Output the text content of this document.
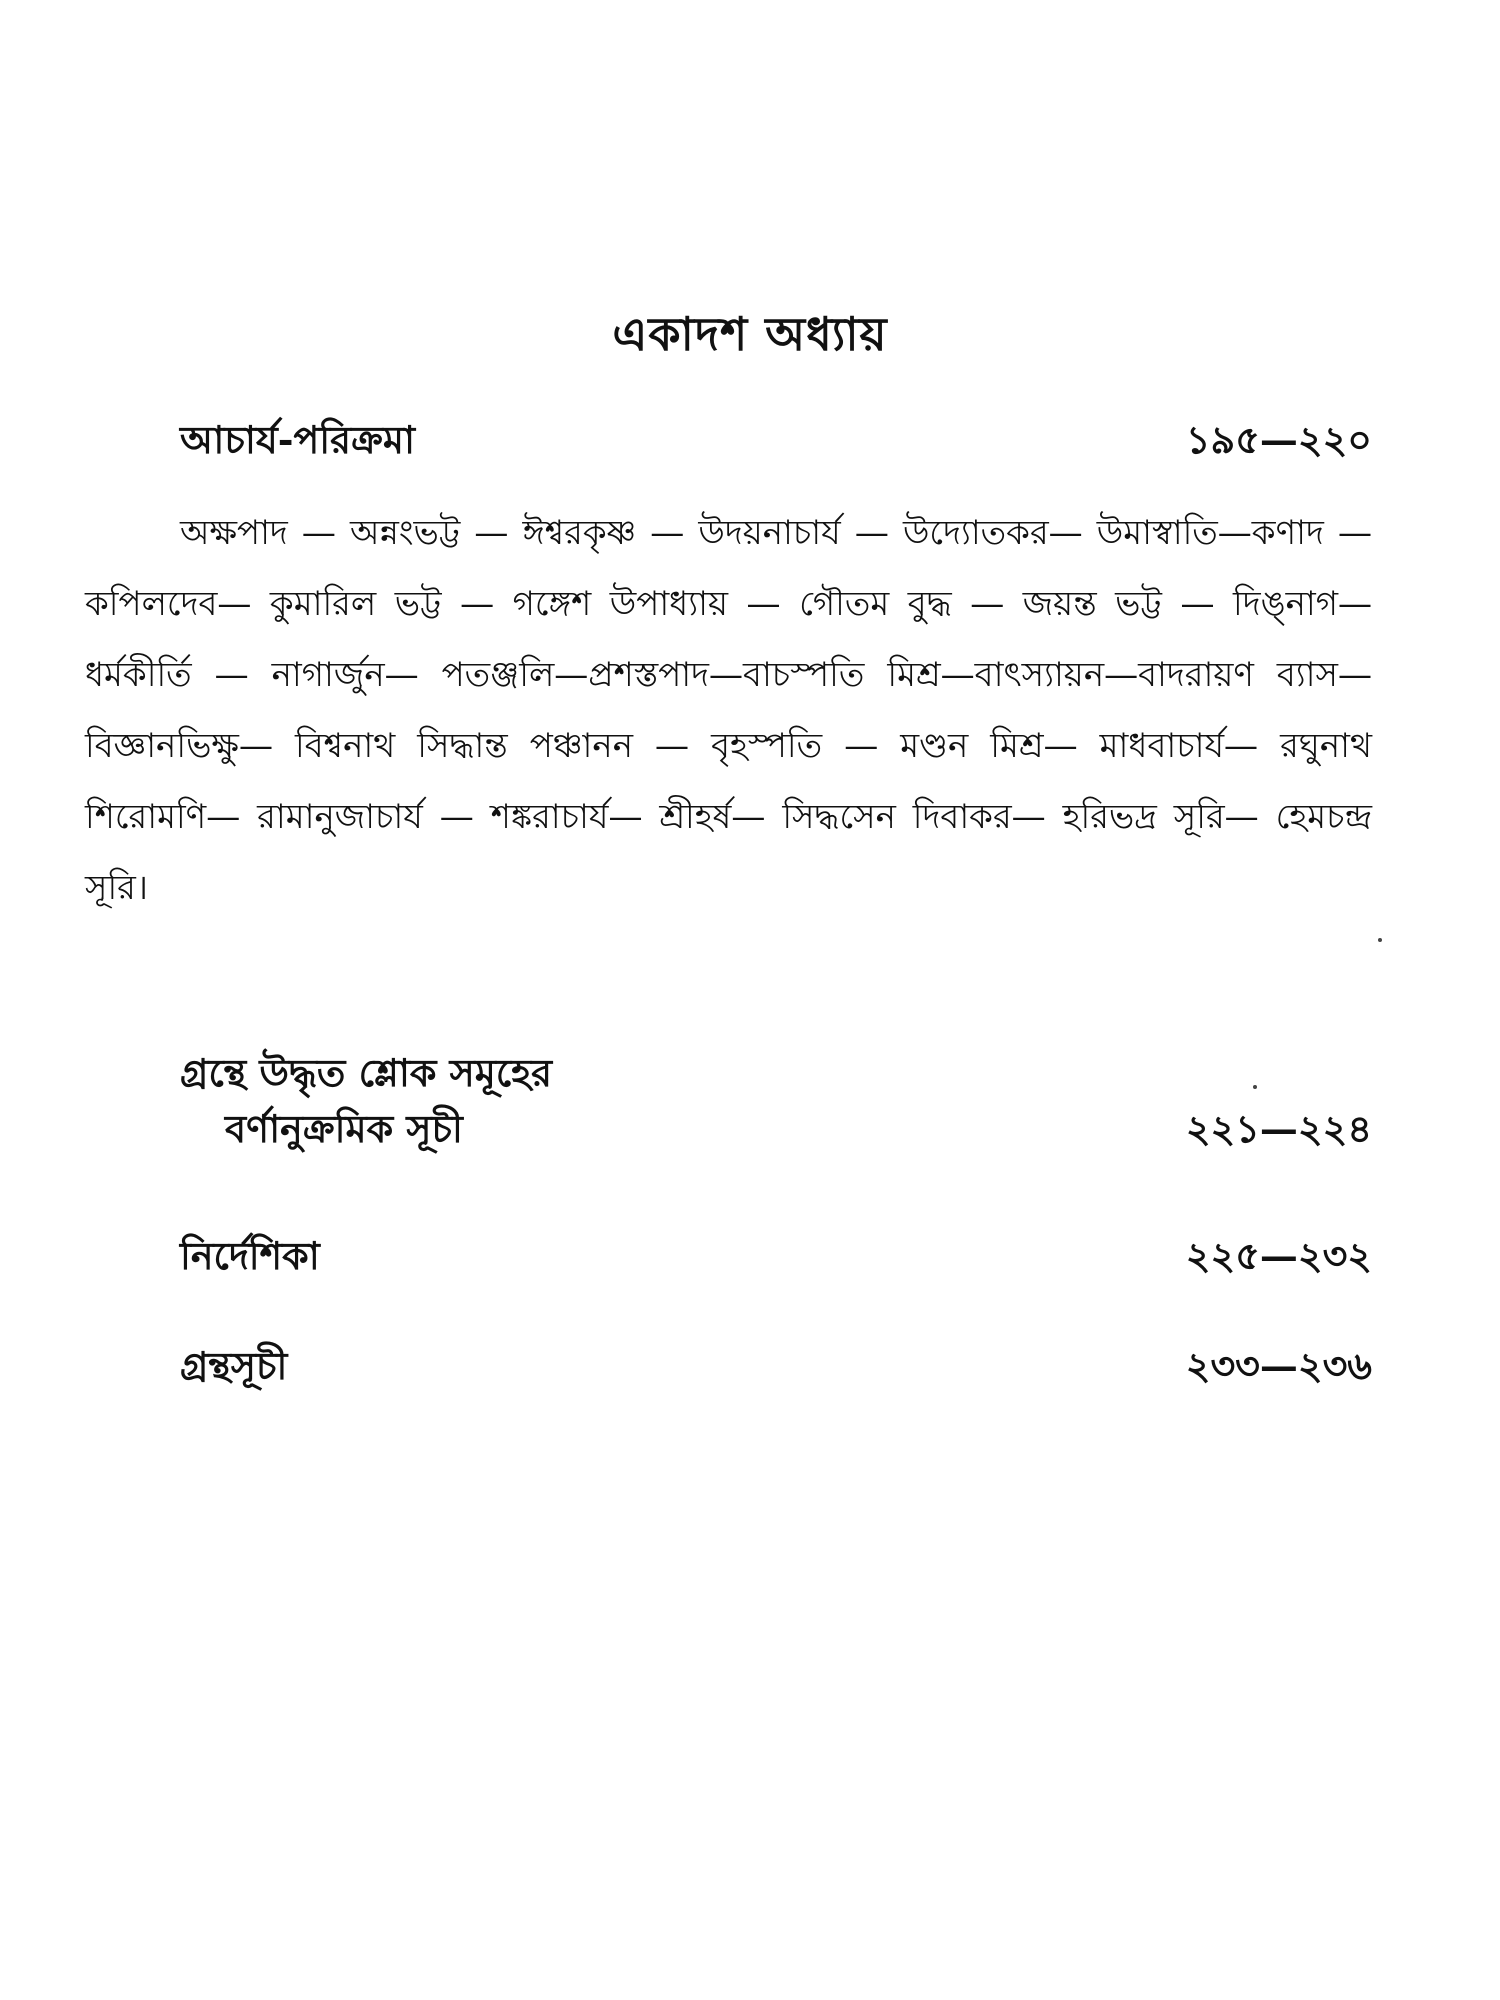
একাদশ অধ্যায়
আচার্য-পরিক্রমা	১৯৫—২২০
অক্ষপাদ — অন্নংভট্ট — ঈশ্বরকৃষ্ণ — উদয়নাচার্য — উদ্যোতকর— উমাস্বাতি—কণাদ — কপিলদেব— কুমারিল ভট্ট — গঙ্গেশ উপাধ্যায় — গৌতম বুদ্ধ — জয়ন্ত ভট্ট — দিঙ্নাগ— ধর্মকীর্তি — নাগার্জুন— পতঞ্জলি—প্রশস্তপাদ—বাচস্পতি মিশ্র—বাৎস্যায়ন—বাদরায়ণ ব্যাস— বিজ্ঞানভিক্ষু— বিশ্বনাথ সিদ্ধান্ত পঞ্চানন — বৃহস্পতি — মণ্ডন মিশ্র— মাধবাচার্য— রঘুনাথ শিরোমণি— রামানুজাচার্য — শঙ্করাচার্য— শ্রীহর্ষ— সিদ্ধসেন দিবাকর— হরিভদ্র সূরি— হেমচন্দ্র সূরি।
গ্রন্থে উদ্ধৃত শ্লোক সমূহের
বর্ণানুক্রমিক সূচী	২২১—২২৪
নির্দেশিকা	২২৫—২৩২
গ্রন্থসূচী	২৩৩—২৩৬
